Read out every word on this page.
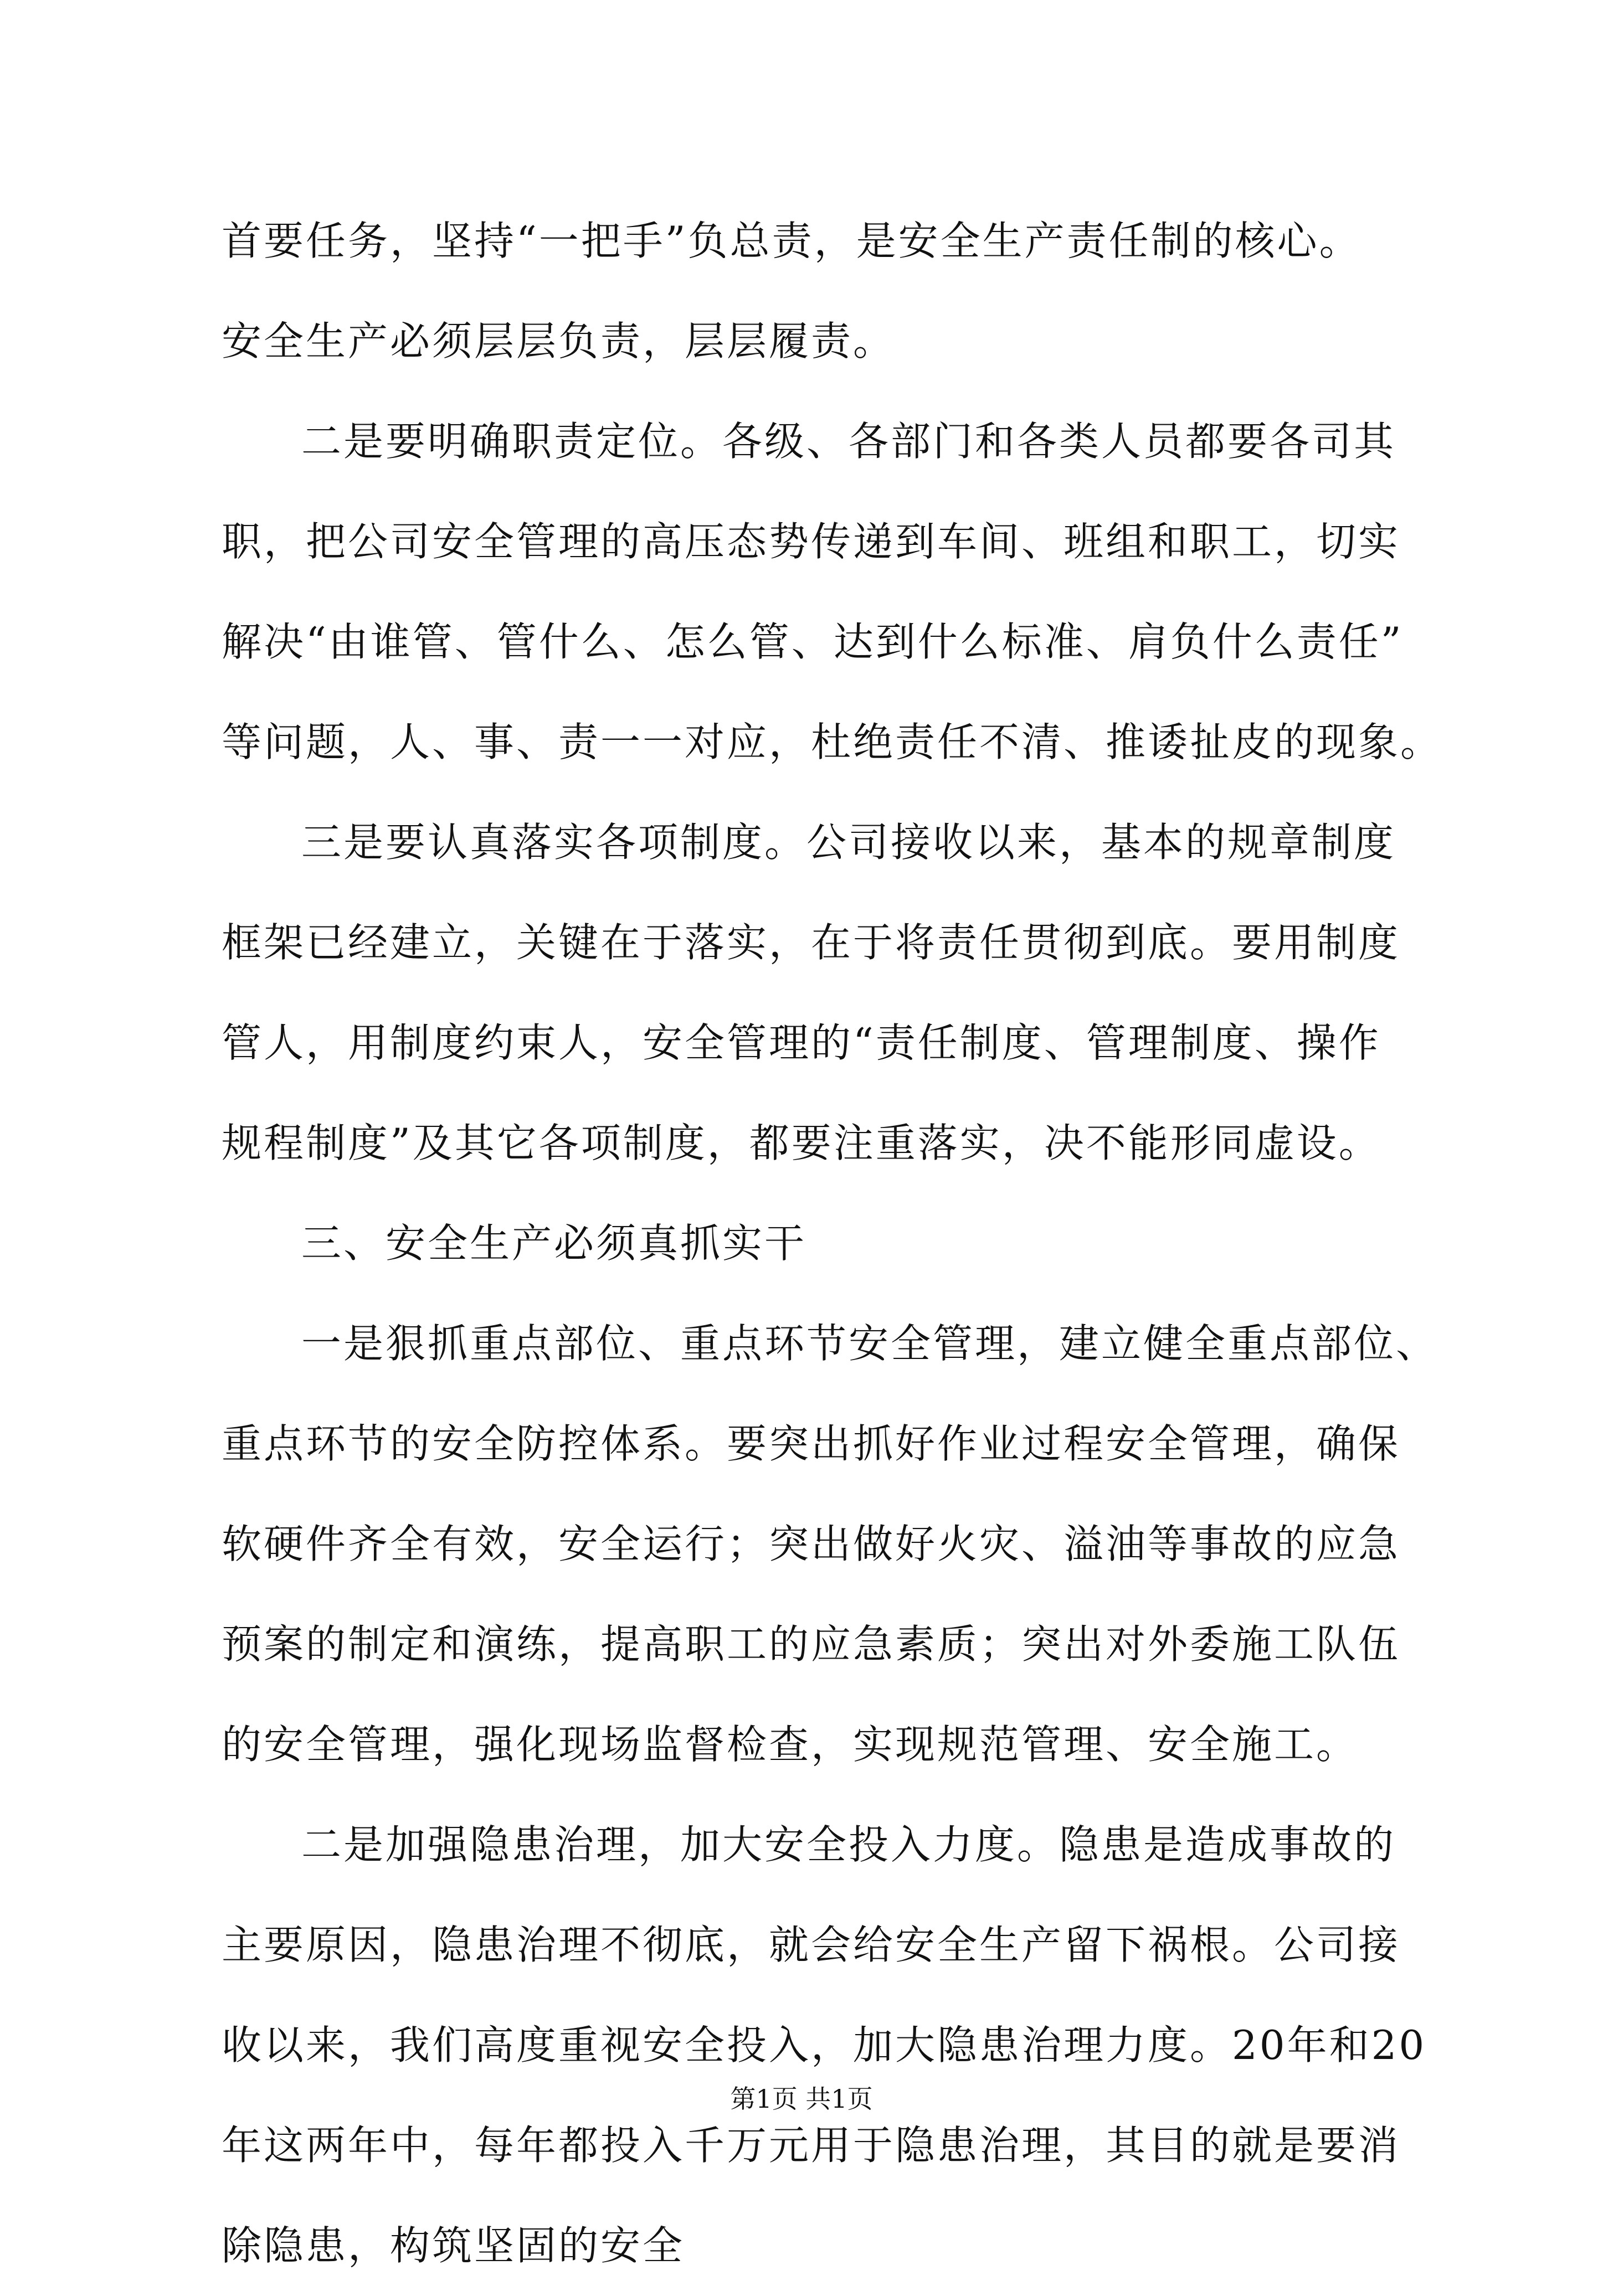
首要任务，坚持“一把手”负总责，是安全生产责任制的核心。
安全生产必须层层负责，层层履责。
二是要明确职责定位。各级、各部门和各类人员都要各司其
职，把公司安全管理的高压态势传递到车间、班组和职工，切实
解决“由谁管、管什么、怎么管、达到什么标准、肩负什么责任”
等问题，人、事、责一一对应，杜绝责任不清、推诿扯皮的现象。
三是要认真落实各项制度。公司接收以来，基本的规章制度
框架已经建立，关键在于落实，在于将责任贯彻到底。要用制度
管人，用制度约束人，安全管理的“责任制度、管理制度、操作
规程制度”及其它各项制度，都要注重落实，决不能形同虚设。
三、安全生产必须真抓实干
一是狠抓重点部位、重点环节安全管理，建立健全重点部位、
重点环节的安全防控体系。要突出抓好作业过程安全管理，确保
软硬件齐全有效，安全运行；突出做好火灾、溢油等事故的应急
预案的制定和演练，提高职工的应急素质；突出对外委施工队伍
的安全管理，强化现场监督检查，实现规范管理、安全施工。
二是加强隐患治理，加大安全投入力度。隐患是造成事故的
主要原因，隐患治理不彻底，就会给安全生产留下祸根。公司接
收以来，我们高度重视安全投入，加大隐患治理力度。20年和20
年这两年中，每年都投入千万元用于隐患治理，其目的就是要消
除隐患，构筑坚固的安全
第1页 共1页
